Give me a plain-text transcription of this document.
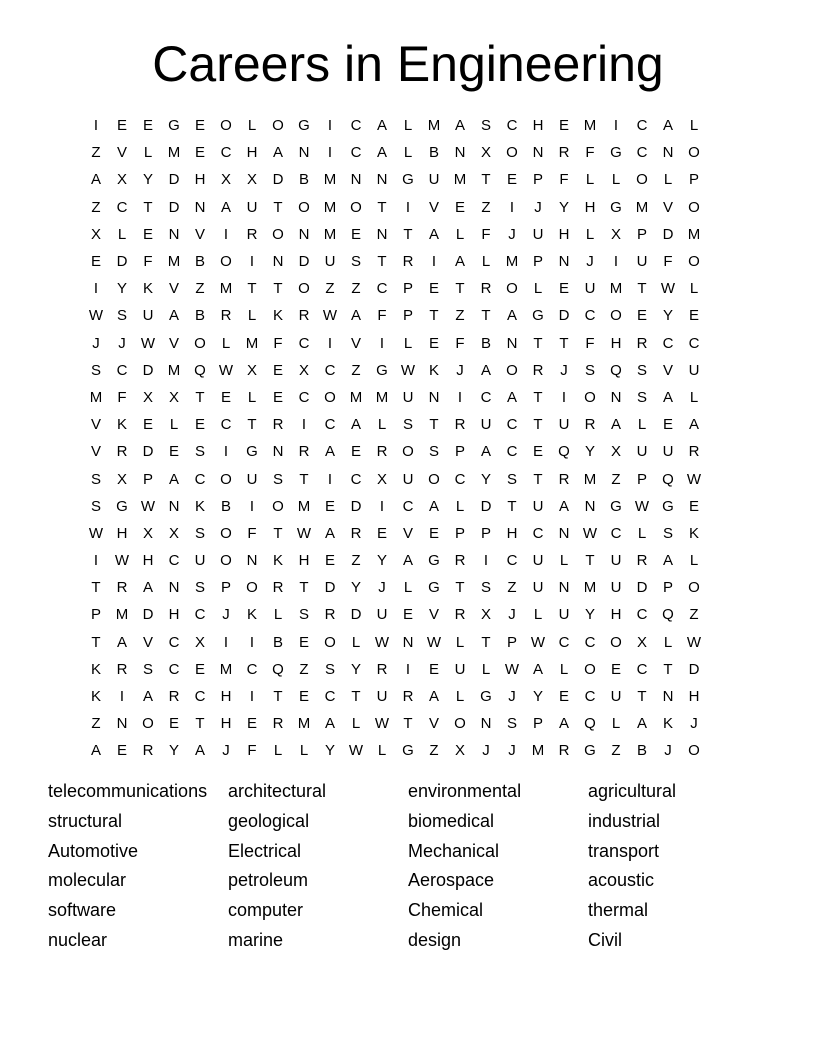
Careers in Engineering
I	E	E	G	E	O	L	O G	I	C	A	L	M A	S	C	H	E M	I	C	A	L
Z	V	L	M E	C	H	A	N	I	C	A	L	B	N	X	O N	R	F	G C	N O
A	X	Y	D	H	X	X	D	B M N	N G U M	T	E	P	F	L	L	O	L	P
Z	C	T	D	N	A	U	T	O M O	T	I	V	E	Z	I	J	Y	H G M V	O
X	L	E	N	V	I	R O N M E	N	T	A	L	F	J	U	H	L	X	P	D M
E	D	F	M B	O	I	N	D	U	S	T	R	I	A	L	M P	N	J	I	U	F	O
I	Y	K	V	Z	M	T	T	O	Z	Z	C	P	E	T	R O	L	E	U M	T W L
W S	U	A	B	R	L	K	R W A	F	P	T	Z	T	A	G D	C O	E	Y	E
J	J	W V	O	L	M	F	C	I	V	I	L	E	F	B	N	T	T	F	H	R	C	C
S	C	D M Q W X	E	X	C	Z	G W K	J	A	O R	J	S	Q	S	V	U
M	F	X	X	T	E	L	E	C O M M U	N	I	C	A	T	I	O N	S	A	L
V	K	E	L	E	C	T	R	I	C	A	L	S	T	R	U	C	T	U	R	A	L	E	A
V	R	D	E	S	I	G N	R	A	E	R O	S	P	A	C	E	Q	Y	X	U	U	R
S	X	P	A	C O U	S	T	I	C	X	U O C	Y	S	T	R M	Z	P	Q W
S	G W N	K	B	I	O M E	D	I	C	A	L	D	T	U	A	N G W G	E
W H	X	X	S	O	F	T W A	R	E	V	E	P	P	H	C	N W C	L	S	K
I	W H	C	U O N	K	H	E	Z	Y	A	G R	I	C	U	L	T	U	R	A	L
T	R	A	N	S	P	O R	T	D	Y	J	L	G	T	S	Z	U	N M U	D	P	O
P M D	H	C	J	K	L	S	R	D	U	E	V	R	X	J	L	U	Y	H	C Q	Z
T	A	V	C	X	I	I	B	E	O	L W N W L	T	P W C	C O	X	L W
K	R	S	C	E M C Q	Z	S	Y	R	I	E	U	L W A	L	O	E	C	T	D
K	I	A	R	C	H	I	T	E	C	T	U	R	A	L	G	J	Y	E	C	U	T	N	H
Z	N O	E	T	H	E	R M A	L W T	V	O N	S	P	A	Q	L	A	K	J
A	E	R	Y	A	J	F	L	L	Y W L	G	Z	X	J	J	M R G	Z	B	J	O
telecommunications	architectural	environmental	agricultural
structural	geological	biomedical	industrial
Automotive	Electrical	Mechanical	transport
molecular	petroleum	Aerospace	acoustic
software	computer	Chemical	thermal
nuclear	marine	design	Civil
